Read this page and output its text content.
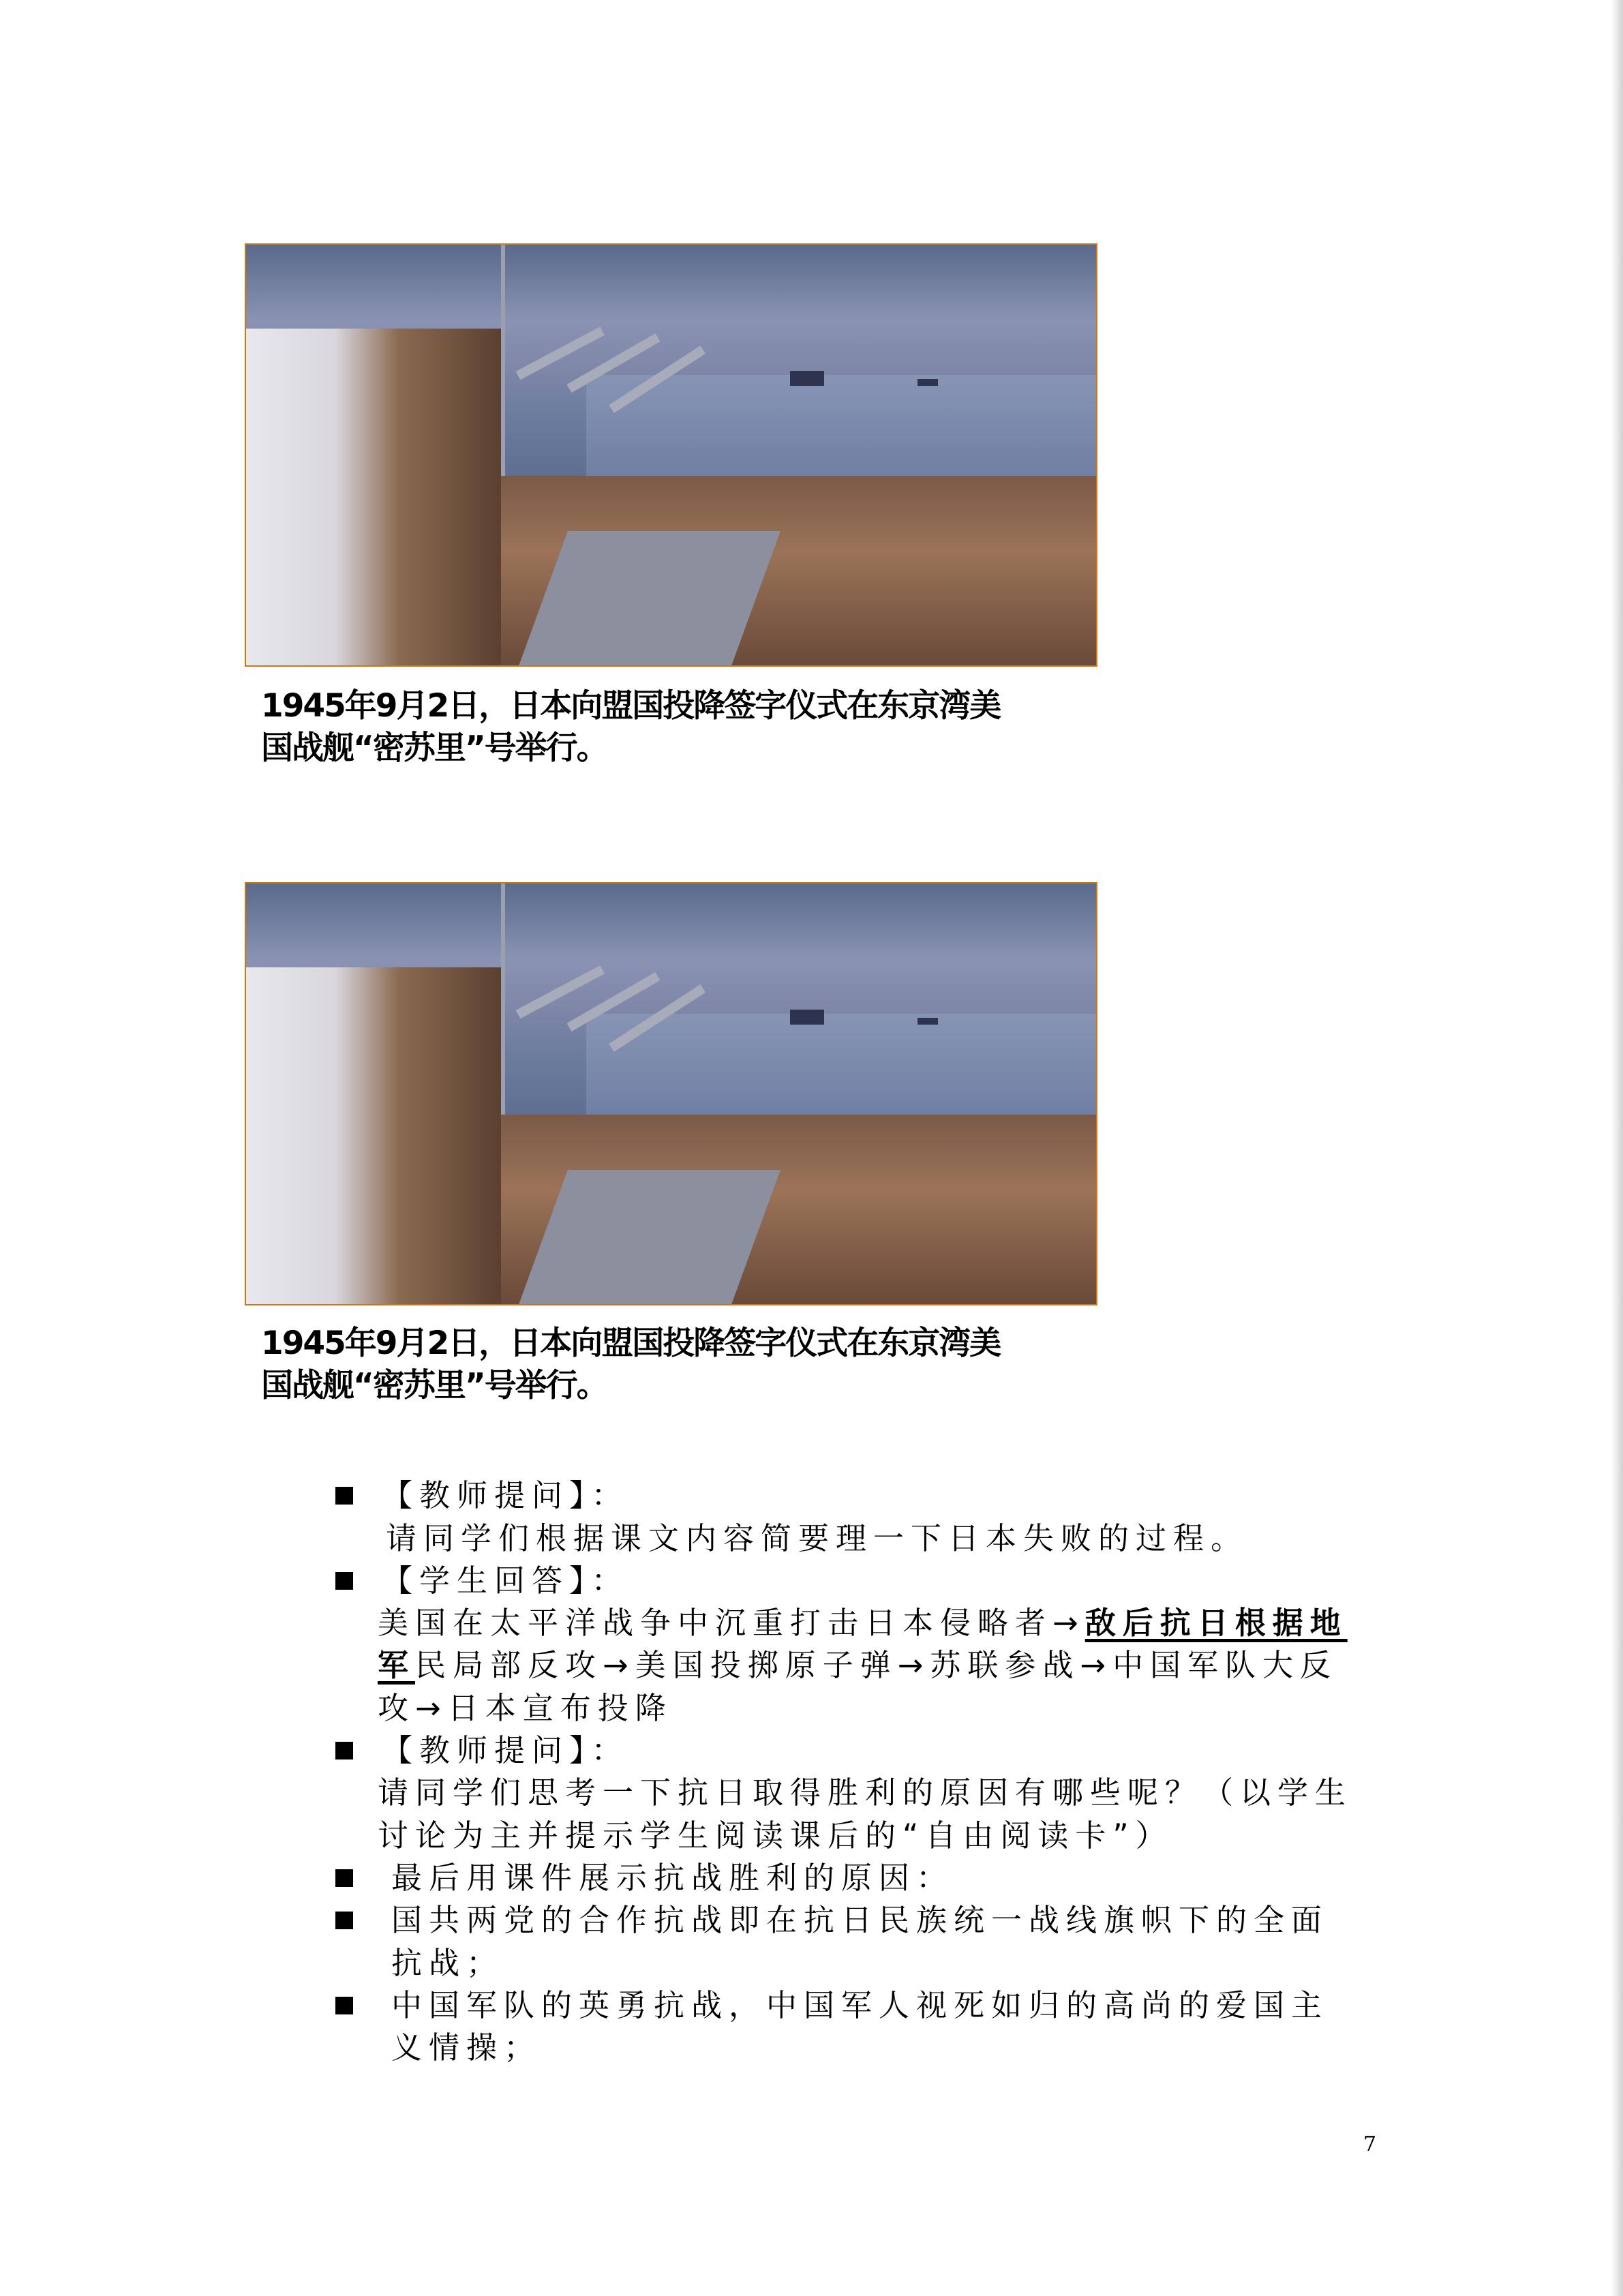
1945年9月2日，日本向盟国投降签字仪式在东京湾美
国战舰“密苏里”号举行。
1945年9月2日，日本向盟国投降签字仪式在东京湾美
国战舰“密苏里”号举行。
【教师提问】：
请同学们根据课文内容简要理一下日本失败的过程。
【学生回答】：
美国在太平洋战争中沉重打击日本侵略者→敌后抗日根据地
军民局部反攻→美国投掷原子弹→苏联参战→中国军队大反
攻→日本宣布投降
【教师提问】：
请同学们思考一下抗日取得胜利的原因有哪些呢？（以学生
讨论为主并提示学生阅读课后的“自由阅读卡”）
最后用课件展示抗战胜利的原因：
国共两党的合作抗战即在抗日民族统一战线旗帜下的全面
抗战；
中国军队的英勇抗战，中国军人视死如归的高尚的爱国主
义情操；
7
